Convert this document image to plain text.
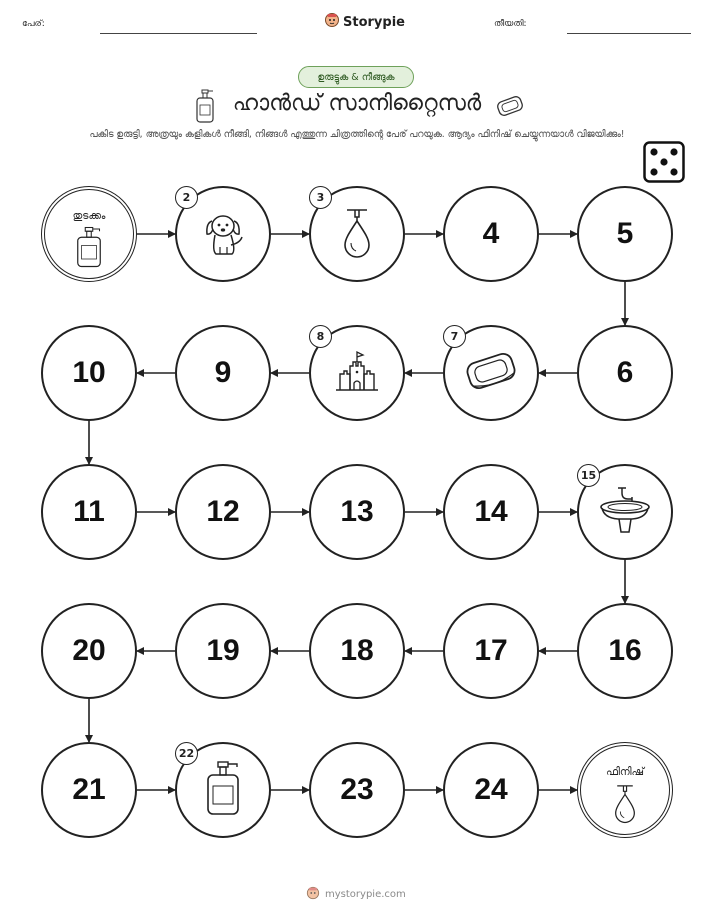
പേര്:	Storypie	തീയതി:
ഉരുട്ടുക & നീങ്ങുക
ഹാൻഡ് സാനിറ്റൈസർ
പകിട ഉരുട്ടി, അത്രയും കളികൾ നീങ്ങി, നിങ്ങൾ എത്തുന്ന ചിത്രത്തിന്റെ പേര് പറയുക. ആദ്യം ഫിനിഷ് ചെയ്യുന്നയാൾ വിജയിക്കും!
തുടക്കം
2	3
4	5
6
7
8
9
10
11	12	13	14
15
16
17
18
19
20
21
22
23	24
ഫിനിഷ്
mystorypie.com
